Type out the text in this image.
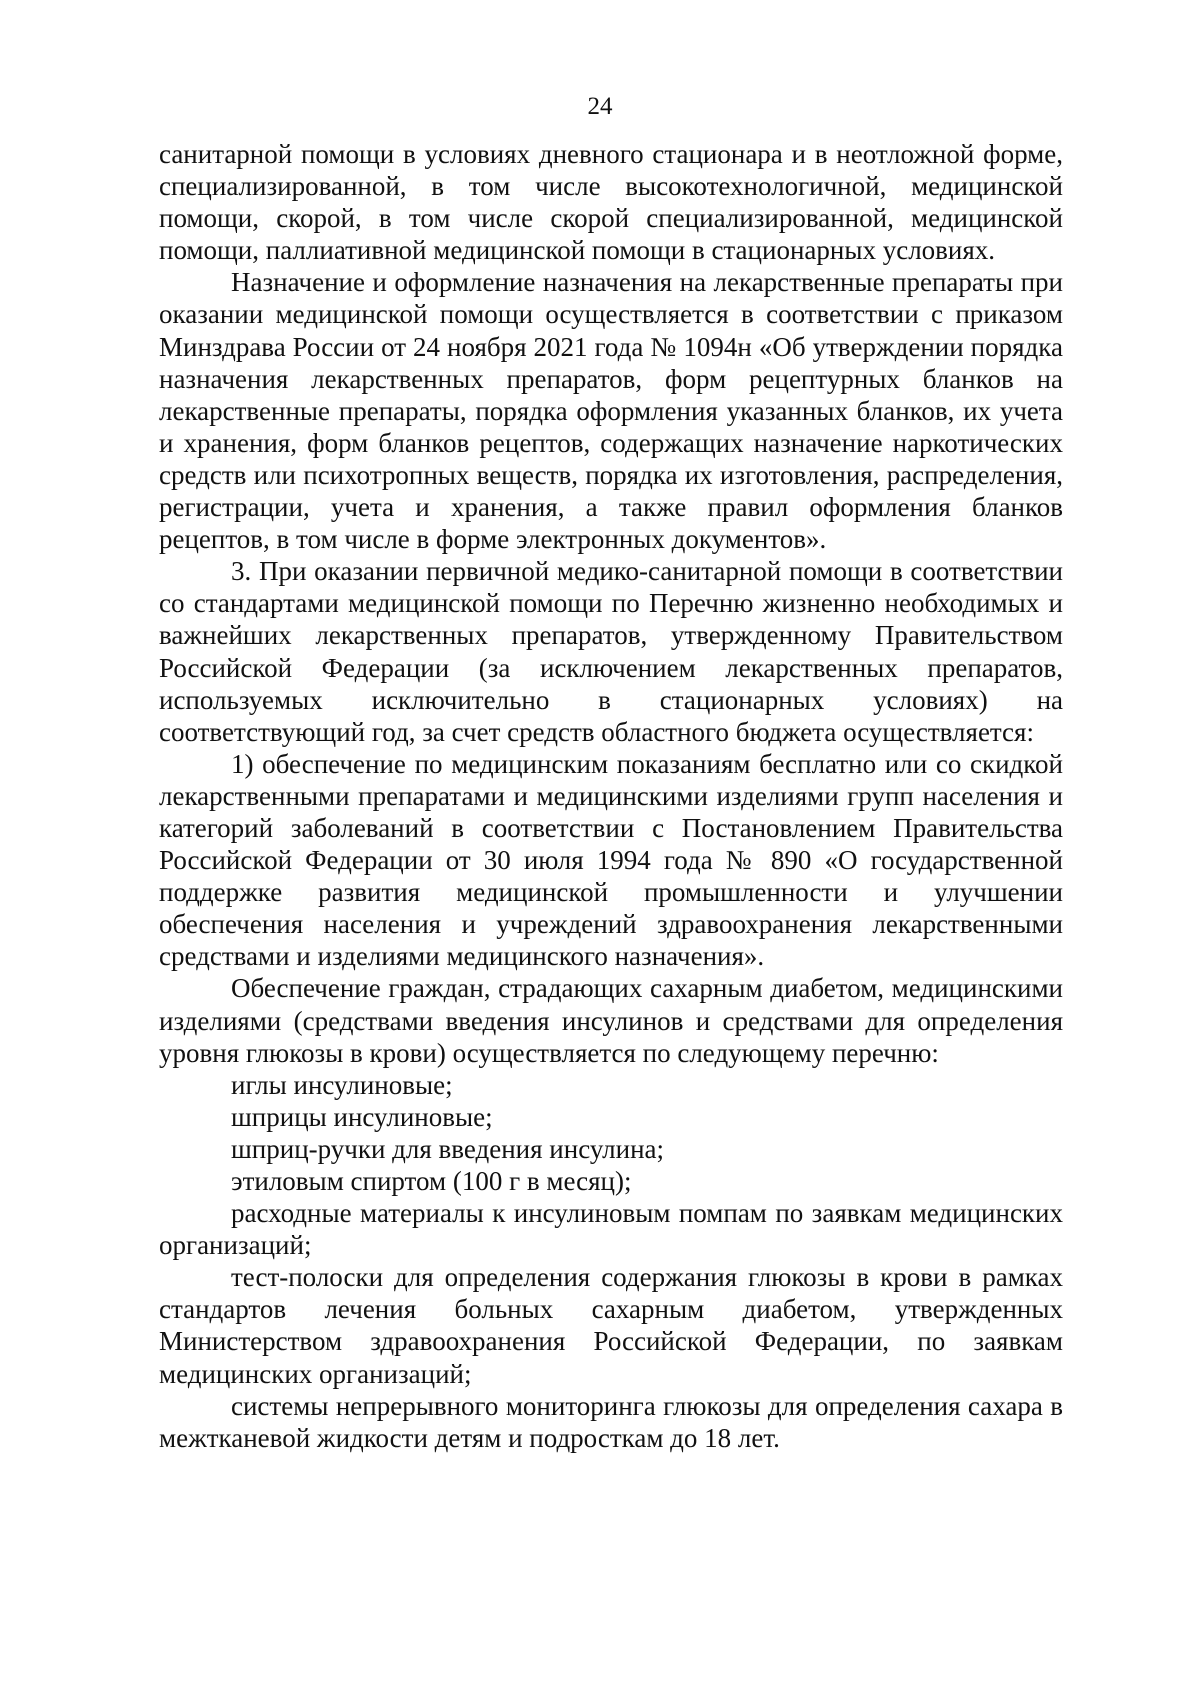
24

санитарной помощи в условиях дневного стационара и в неотложной форме, специализированной, в том числе высокотехнологичной, медицинской помощи, скорой, в том числе скорой специализированной, медицинской помощи, паллиативной медицинской помощи в стационарных условиях.

Назначение и оформление назначения на лекарственные препараты при оказании медицинской помощи осуществляется в соответствии с приказом Минздрава России от 24 ноября 2021 года № 1094н «Об утверждении порядка назначения лекарственных препаратов, форм рецептурных бланков на лекарственные препараты, порядка оформления указанных бланков, их учета и хранения, форм бланков рецептов, содержащих назначение наркотических средств или психотропных веществ, порядка их изготовления, распределения, регистрации, учета и хранения, а также правил оформления бланков рецептов, в том числе в форме электронных документов».

3. При оказании первичной медико-санитарной помощи в соответствии со стандартами медицинской помощи по Перечню жизненно необходимых и важнейших лекарственных препаратов, утвержденному Правительством Российской Федерации (за исключением лекарственных препаратов, используемых исключительно в стационарных условиях) на соответствующий год, за счет средств областного бюджета осуществляется:

1) обеспечение по медицинским показаниям бесплатно или со скидкой лекарственными препаратами и медицинскими изделиями групп населения и категорий заболеваний в соответствии с Постановлением Правительства Российской Федерации от 30 июля 1994 года № 890 «О государственной поддержке развития медицинской промышленности и улучшении обеспечения населения и учреждений здравоохранения лекарственными средствами и изделиями медицинского назначения».

Обеспечение граждан, страдающих сахарным диабетом, медицинскими изделиями (средствами введения инсулинов и средствами для определения уровня глюкозы в крови) осуществляется по следующему перечню:

иглы инсулиновые;

шприцы инсулиновые;

шприц-ручки для введения инсулина;

этиловым спиртом (100 г в месяц);

расходные материалы к инсулиновым помпам по заявкам медицинских организаций;

тест-полоски для определения содержания глюкозы в крови в рамках стандартов лечения больных сахарным диабетом, утвержденных Министерством здравоохранения Российской Федерации, по заявкам медицинских организаций;

системы непрерывного мониторинга глюкозы для определения сахара в межтканевой жидкости детям и подросткам до 18 лет.
